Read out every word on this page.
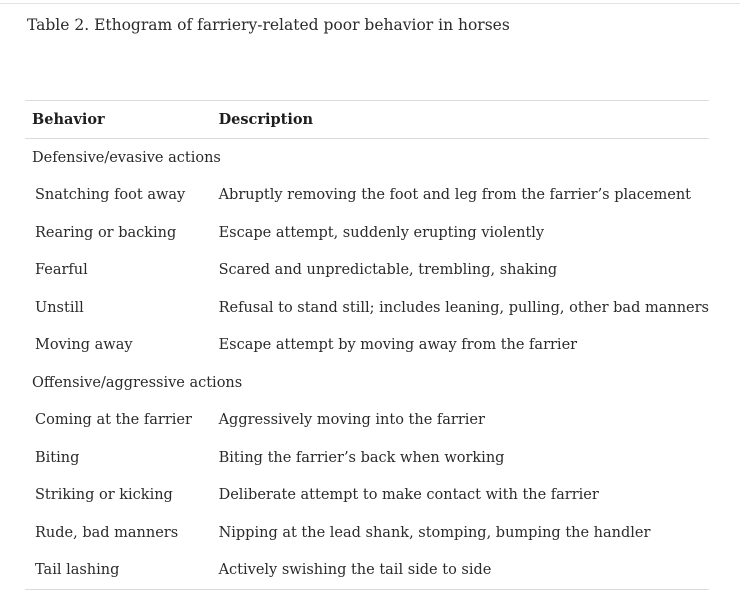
Table 2. Ethogram of farriery-related poor behavior in horses
Behavior	Description
Defensive/evasive actions	
Snatching foot away	Abruptly removing the foot and leg from the farrier’s placement
Rearing or backing	Escape attempt, suddenly erupting violently
Fearful	Scared and unpredictable, trembling, shaking
Unstill	Refusal to stand still; includes leaning, pulling, other bad manners
Moving away	Escape attempt by moving away from the farrier
Offensive/aggressive actions	
Coming at the farrier	Aggressively moving into the farrier
Biting	Biting the farrier’s back when working
Striking or kicking	Deliberate attempt to make contact with the farrier
Rude, bad manners	Nipping at the lead shank, stomping, bumping the handler
Tail lashing	Actively swishing the tail side to side
